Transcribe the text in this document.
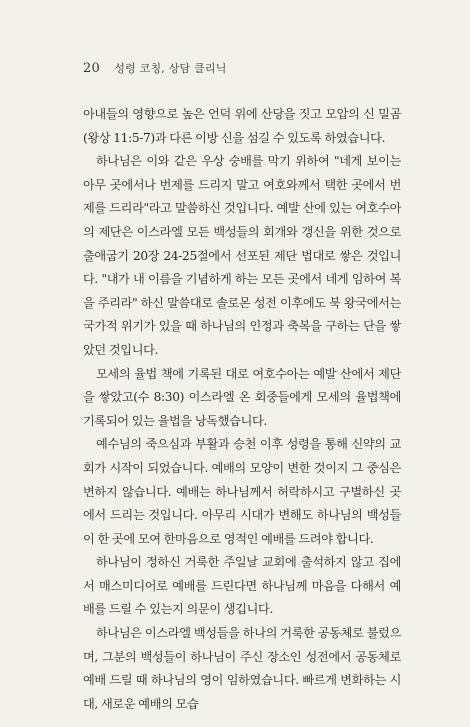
20 성령 코칭, 상담 클리닉

아내들의 영향으로 높은 언덕 위에 산당을 짓고 모압의 신 밀곰(왕상 11:5-7)과 다른 이방 신을 섬길 수 있도록 하였습니다.

하나님은 이와 같은 우상 숭배를 막기 위하여 "네게 보이는 아무 곳에서나 번제를 드리지 말고 여호와께서 택한 곳에서 번제를 드리라"라고 말씀하신 것입니다. 예발 산에 있는 여호수아의 제단은 이스라엘 모든 백성들의 회개와 갱신을 위한 것으로 출애굽기 20장 24-25절에서 선포된 제단 법대로 쌓은 것입니다. "내가 내 이름을 기념하게 하는 모든 곳에서 네게 임하여 복을 주리라" 하신 말씀대로 솔로몬 성전 이후에도 북 왕국에서는 국가적 위기가 있을 때 하나님의 인정과 축복을 구하는 단을 쌓았던 것입니다.

모세의 율법 책에 기록된 대로 여호수아는 예발 산에서 제단을 쌓았고(수 8:30) 이스라엘 온 회중들에게 모세의 율법책에 기록되어 있는 율법을 낭독했습니다.

예수님의 죽으심과 부활과 승천 이후 성령을 통해 신약의 교회가 시작이 되었습니다. 예배의 모양이 변한 것이지 그 중심은 변하지 않습니다. 예배는 하나님께서 허락하시고 구별하신 곳에서 드리는 것입니다. 아무리 시대가 변해도 하나님의 백성들이 한 곳에 모여 한마음으로 영적인 예배를 드려야 합니다.

하나님이 정하신 거룩한 주일날 교회에 출석하지 않고 집에서 매스미디어로 예배를 드린다면 하나님께 마음을 다해서 예배를 드릴 수 있는지 의문이 생깁니다.

하나님은 이스라엘 백성들을 하나의 거룩한 공동체로 불렀으며, 그분의 백성들이 하나님이 주신 장소인 성전에서 공동체로 예배 드릴 때 하나님의 영이 임하였습니다. 빠르게 변화하는 시대, 새로운 예배의 모습
